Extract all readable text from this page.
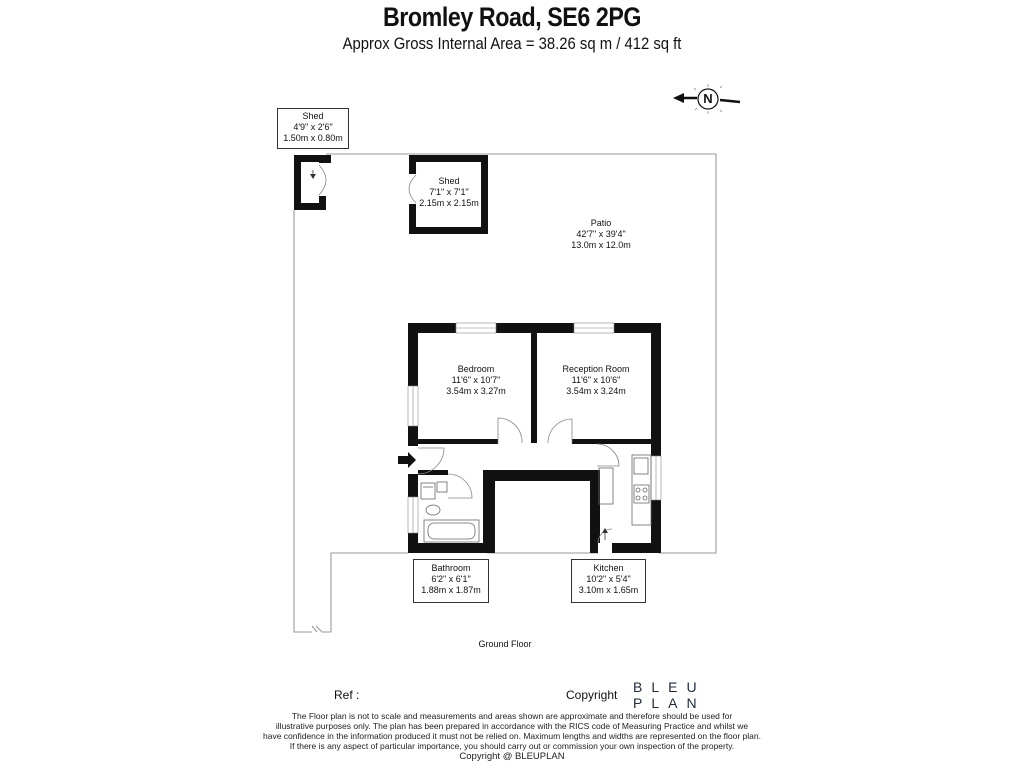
Bromley Road, SE6 2PG
Approx Gross Internal Area = 38.26 sq m / 412 sq ft
Shed
4'9" x 2'6"
1.50m x 0.80m
Shed
7'1" x 7'1"
2.15m x 2.15m
Patio
42'7" x 39'4"
13.0m x 12.0m
Bedroom
11'6" x 10'7"
3.54m x 3.27m
Reception Room
11'6" x 10'6"
3.54m x 3.24m
Bathroom
6'2" x 6'1"
1.88m x 1.87m
Kitchen
10'2" x 5'4"
3.10m x 1.65m
N
Ground Floor
Ref :	Copyright BLEU
PLAN
The Floor plan is not to scale and measurements and areas shown are approximate and therefore should be used for
illustrative purposes only. The plan has been prepared in accordance with the RICS code of Measuring Practice and whilst we
have confidence in the information produced it must not be relied on. Maximum lengths and widths are represented on the floor plan.
If there is any aspect of particular importance, you should carry out or commission your own inspection of the property.
Copyright @ BLEUPLAN
